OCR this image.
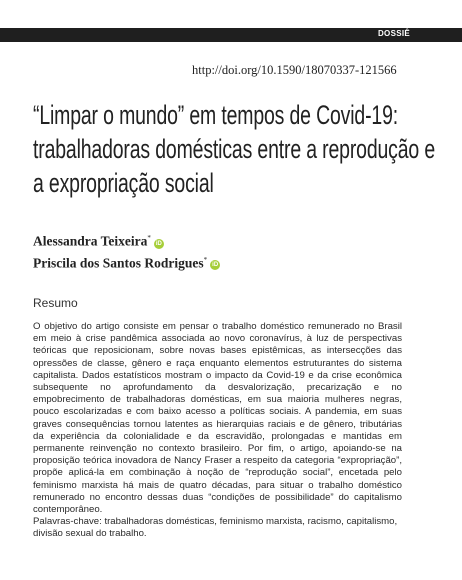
DOSSIÊ
http://doi.org/10.1590/18070337-121566
“Limpar o mundo” em tempos de Covid-19: trabalhadoras domésticas entre a reprodução e a expropriação social
Alessandra Teixeira*iD
Priscila dos Santos Rodrigues*iD
Resumo
O objetivo do artigo consiste em pensar o trabalho doméstico remunerado no Brasil em meio à crise pandêmica associada ao novo coronavírus, à luz de perspectivas teóricas que reposicionam, sobre novas bases epistêmicas, as intersecções das opressões de classe, gênero e raça enquanto elementos estruturantes do sistema capitalista. Dados estatísticos mostram o impacto da Covid-19 e da crise econômica subsequente no aprofundamento da desvalorização, precarização e no empobrecimento de trabalhadoras domésticas, em sua maioria mulheres negras, pouco escolarizadas e com baixo acesso a políticas sociais. A pandemia, em suas graves consequências tornou latentes as hierarquias raciais e de gênero, tributárias da experiência da colonialidade e da escravidão, prolongadas e mantidas em permanente reinvenção no contexto brasileiro. Por fim, o artigo, apoiando-se na proposição teórica inovadora de Nancy Fraser a respeito da categoria “expropriação”, propõe aplicá-la em combinação à noção de “reprodução social”, encetada pelo feminismo marxista há mais de quatro décadas, para situar o trabalho doméstico remunerado no encontro dessas duas “condições de possibilidade” do capitalismo contemporâneo.
Palavras-chave: trabalhadoras domésticas, feminismo marxista, racismo, capitalismo, divisão sexual do trabalho.
